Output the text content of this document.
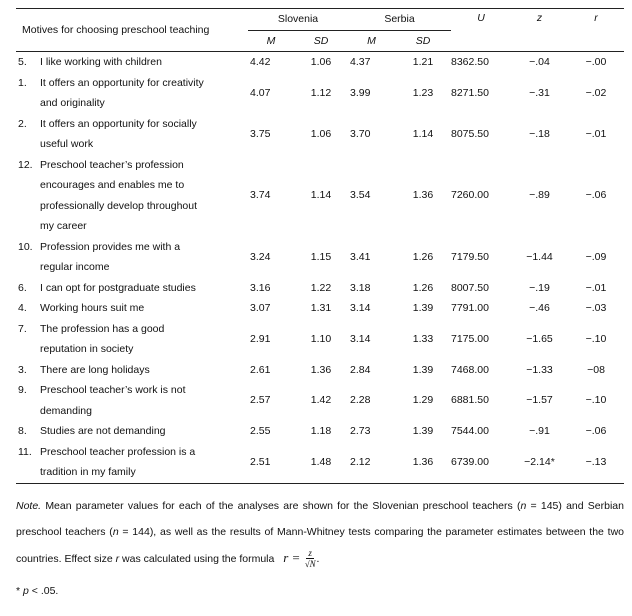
Motives for choosing preschool teaching	Slovenia		Serbia		U	z	r
	M	SD	M	SD			

5. I like working with children	4.42	1.06	4.37	1.21	8362.50	−.04	−.00

1. It offers an opportunity for creativity
and originality	4.07	1.12	3.99	1.23	8271.50	−.31	−.02

2. It offers an opportunity for socially
useful work	3.75	1.06	3.70	1.14	8075.50	−.18	−.01

12. Preschool teacher’s profession
encourages and enables me to
professionally develop throughout
my career	3.74	1.14	3.54	1.36	7260.00	−.89	−.06

10. Profession provides me with a
regular income	3.24	1.15	3.41	1.26	7179.50	−1.44	−.09

6. I can opt for postgraduate studies	3.16	1.22	3.18	1.26	8007.50	−.19	−.01

4. Working hours suit me	3.07	1.31	3.14	1.39	7791.00	−.46	−.03

7. The profession has a good
reputation in society	2.91	1.10	3.14	1.33	7175.00	−1.65	−.10

3. There are long holidays	2.61	1.36	2.84	1.39	7468.00	−1.33	−08

9. Preschool teacher’s work is not
demanding	2.57	1.42	2.28	1.29	6881.50	−1.57	−.10

8. Studies are not demanding	2.55	1.18	2.73	1.39	7544.00	−.91	−.06

11. Preschool teacher profession is a
tradition in my family	2.51	1.48	2.12	1.36	6739.00	−2.14*	−.13
Note. Mean parameter values for each of the analyses are shown for the Slovenian preschool teachers (n = 145) and Serbian preschool teachers (n = 144), as well as the results of Mann-Whitney tests comparing the parameter estimates between the two countries. Effect size r was calculated using the formula $r = \frac{z}{√N}$ .
* p < .05.
